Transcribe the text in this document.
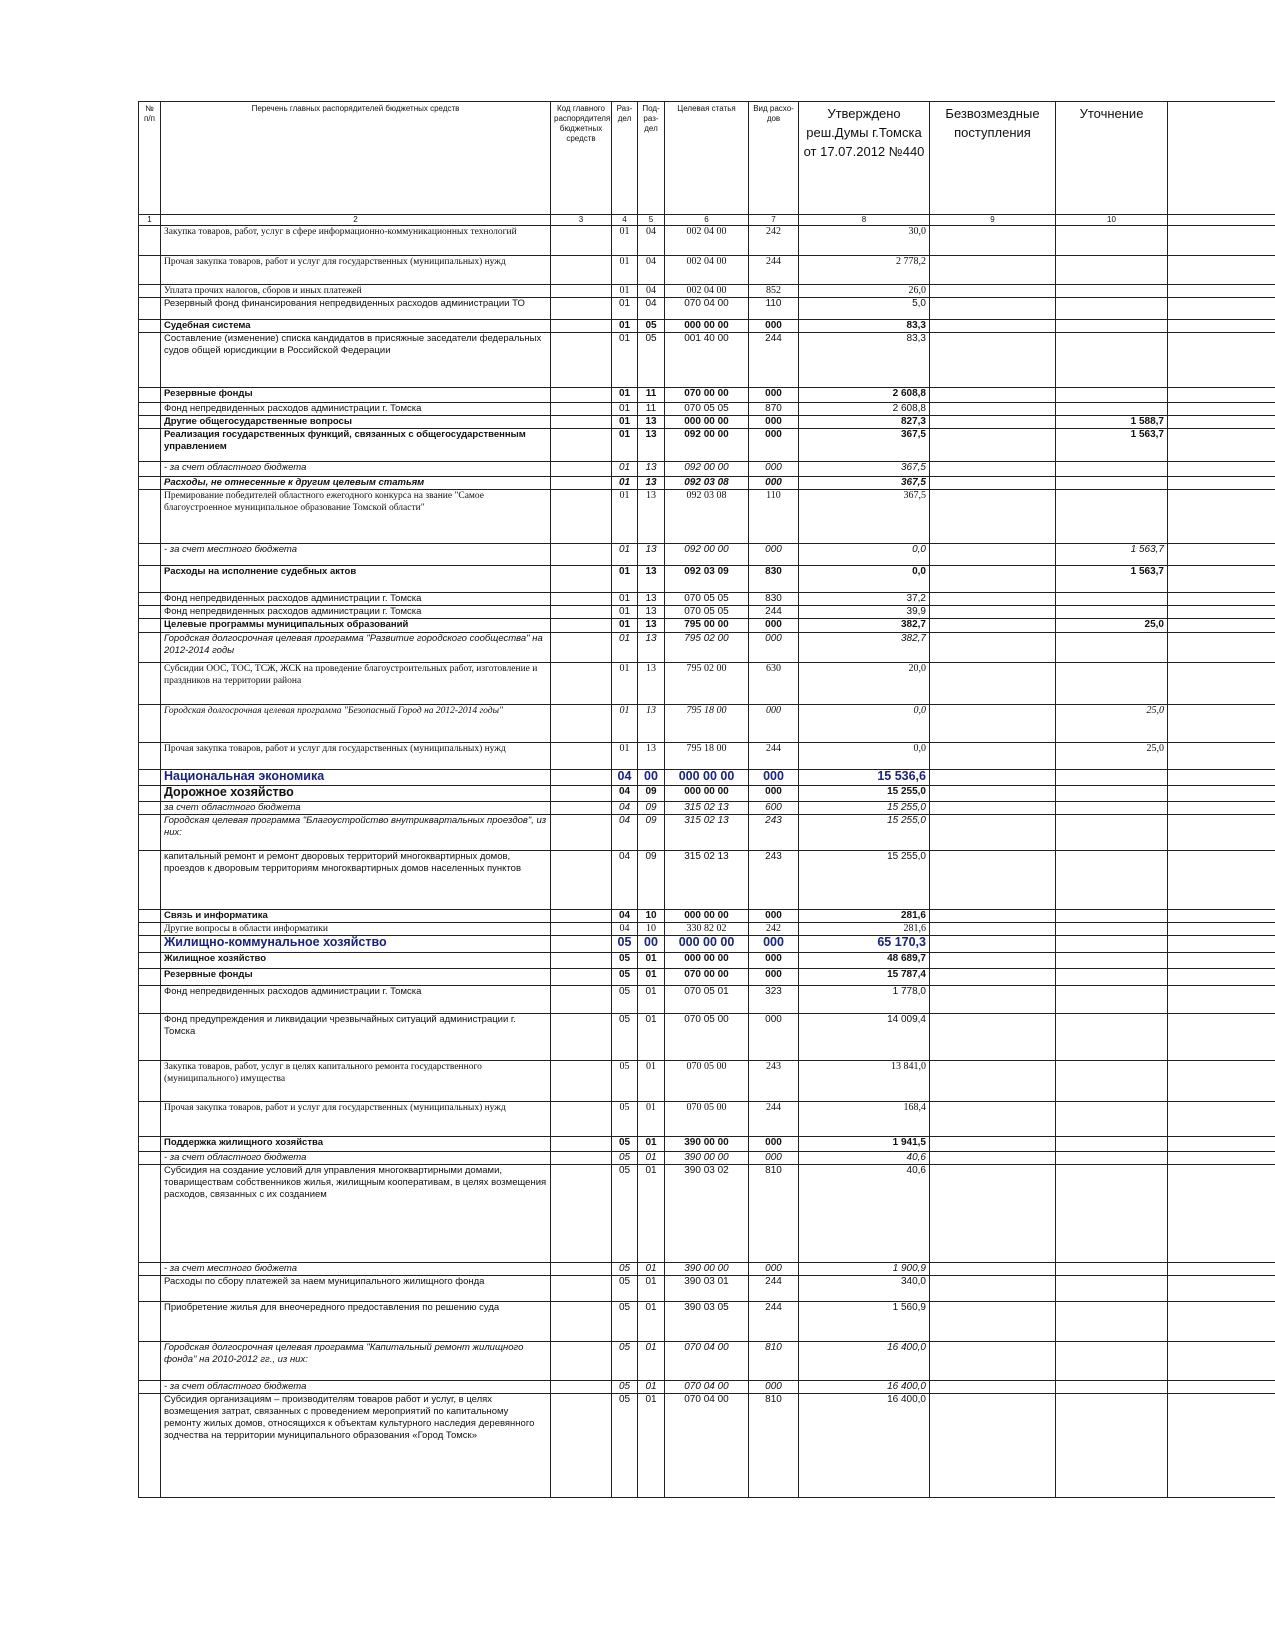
№ п/п	Перечень главных распорядителей бюджетных средств	Код главного распорядителя бюджетных средств	Раз-дел	Под-раз-дел	Целевая статья	Вид расхо-дов	Утверждено реш.Думы г.Томска от 17.07.2012 №440	Безвозмездные поступления	Уточнение	
1	2	3	4	5	6	7	8	9	10	
	Закупка товаров, работ, услуг в сфере информационно-коммуникационных технологий		01	04	002 04 00	242	30,0			
	Прочая закупка товаров, работ и услуг для государственных (муниципальных) нужд		01	04	002 04 00	244	2 778,2			
	Уплата прочих налогов, сборов и иных платежей		01	04	002 04 00	852	26,0			
	Резервный фонд финансирования непредвиденных расходов администрации ТО		01	04	070 04 00	110	5,0			
	Судебная система		01	05	000 00 00	000	83,3			
	Составление (изменение) списка кандидатов в присяжные заседатели федеральных судов общей юрисдикции в Российской Федерации		01	05	001 40 00	244	83,3			
	Резервные фонды		01	11	070 00 00	000	2 608,8			
	Фонд непредвиденных расходов администрации г. Томска		01	11	070 05 05	870	2 608,8			
	Другие общегосударственные вопросы		01	13	000 00 00	000	827,3		1 588,7	
	Реализация государственных функций, связанных с общегосударственным управлением		01	13	092 00 00	000	367,5		1 563,7	
	- за счет областного бюджета		01	13	092 00 00	000	367,5			
	Расходы, не отнесенные к другим целевым статьям		01	13	092 03 08	000	367,5			
	Премирование победителей областного ежегодного конкурса на звание "Самое благоустроенное муниципальное образование Томской области"		01	13	092 03 08	110	367,5			
	- за счет местного бюджета		01	13	092 00 00	000	0,0		1 563,7	
	Расходы на исполнение судебных актов		01	13	092 03 09	830	0,0		1 563,7	
	Фонд непредвиденных расходов администрации г. Томска		01	13	070 05 05	830	37,2			
	Фонд непредвиденных расходов администрации г. Томска		01	13	070 05 05	244	39,9			
	Целевые программы муниципальных образований		01	13	795 00 00	000	382,7		25,0	
	Городская долгосрочная целевая программа "Развитие городского сообщества" на 2012-2014 годы		01	13	795 02 00	000	382,7			
	Субсидии ООС, ТОС, ТСЖ, ЖСК на проведение благоустроительных работ, изготовление и праздников на территории района		01	13	795 02 00	630	20,0			
	Городская долгосрочная целевая программа "Безопасный Город на 2012-2014 годы"		01	13	795 18 00	000	0,0		25,0	
	Прочая закупка товаров, работ и услуг для государственных (муниципальных) нужд		01	13	795 18 00	244	0,0		25,0	
	Национальная экономика		04	00	000 00 00	000	15 536,6			
	Дорожное хозяйство		04	09	000 00 00	000	15 255,0			
	за счет областного бюджета		04	09	315 02 13	600	15 255,0			
	Городская целевая программа "Благоустройство внутриквартальных проездов", из них:		04	09	315 02 13	243	15 255,0			
	капитальный ремонт и ремонт дворовых территорий многоквартирных домов, проездов к дворовым территориям многоквартирных домов населенных пунктов		04	09	315 02 13	243	15 255,0			
	Связь и информатика		04	10	000 00 00	000	281,6			
	Другие вопросы в области информатики		04	10	330 82 02	242	281,6			
	Жилищно-коммунальное хозяйство		05	00	000 00 00	000	65 170,3			
	Жилищное хозяйство		05	01	000 00 00	000	48 689,7			
	Резервные фонды		05	01	070 00 00	000	15 787,4			
	Фонд непредвиденных расходов администрации г. Томска		05	01	070 05 01	323	1 778,0			
	Фонд предупреждения и ликвидации чрезвычайных ситуаций администрации г. Томска		05	01	070 05 00	000	14 009,4			
	Закупка товаров, работ, услуг в целях капитального ремонта государственного (муниципального) имущества		05	01	070 05 00	243	13 841,0			
	Прочая закупка товаров, работ и услуг для государственных (муниципальных) нужд		05	01	070 05 00	244	168,4			
	Поддержка жилищного хозяйства		05	01	390 00 00	000	1 941,5			
	- за счет областного бюджета		05	01	390 00 00	000	40,6			
	Субсидия на создание условий для управления многоквартирными домами, товариществам собственников жилья, жилищным кооперативам, в целях возмещения расходов, связанных с их созданием		05	01	390 03 02	810	40,6			
	- за счет местного бюджета		05	01	390 00 00	000	1 900,9			
	Расходы по сбору платежей за наем муниципального жилищного фонда		05	01	390 03 01	244	340,0			
	Приобретение жилья для внеочередного предоставления по решению суда		05	01	390 03 05	244	1 560,9			
	Городская долгосрочная целевая программа "Капитальный ремонт жилищного фонда" на 2010-2012 гг., из них:		05	01	070 04 00	810	16 400,0			
	- за счет областного бюджета		05	01	070 04 00	000	16 400,0			
	Субсидия организациям – производителям товаров работ и услуг, в целях возмещения затрат, связанных с проведением мероприятий по капитальному ремонту жилых домов, относящихся к объектам культурного наследия деревянного зодчества на территории муниципального образования «Город Томск»		05	01	070 04 00	810	16 400,0			
